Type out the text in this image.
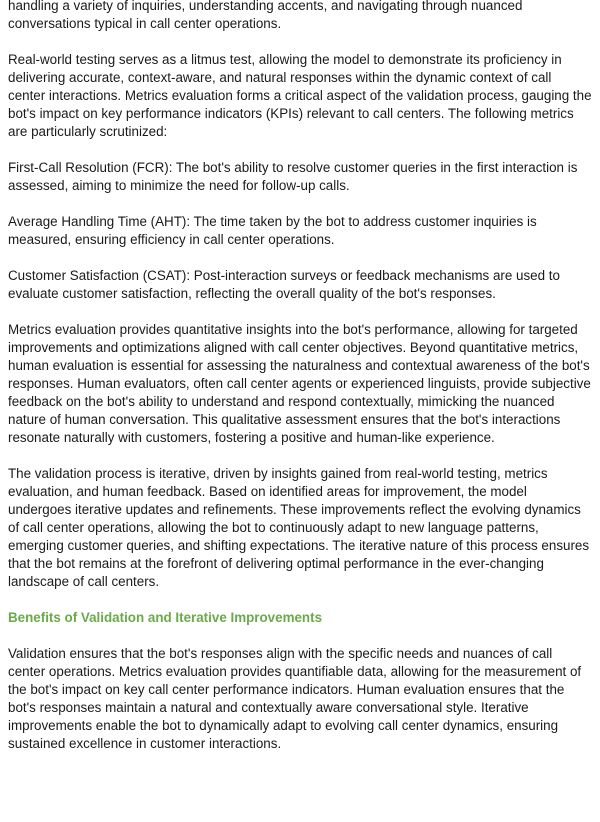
handling a variety of inquiries, understanding accents, and navigating through nuanced conversations typical in call center operations.

Real-world testing serves as a litmus test, allowing the model to demonstrate its proficiency in delivering accurate, context-aware, and natural responses within the dynamic context of call center interactions. Metrics evaluation forms a critical aspect of the validation process, gauging the bot's impact on key performance indicators (KPIs) relevant to call centers. The following metrics are particularly scrutinized:

First-Call Resolution (FCR): The bot's ability to resolve customer queries in the first interaction is assessed, aiming to minimize the need for follow-up calls.

Average Handling Time (AHT): The time taken by the bot to address customer inquiries is measured, ensuring efficiency in call center operations.

Customer Satisfaction (CSAT): Post-interaction surveys or feedback mechanisms are used to evaluate customer satisfaction, reflecting the overall quality of the bot's responses.

Metrics evaluation provides quantitative insights into the bot's performance, allowing for targeted improvements and optimizations aligned with call center objectives. Beyond quantitative metrics, human evaluation is essential for assessing the naturalness and contextual awareness of the bot's responses. Human evaluators, often call center agents or experienced linguists, provide subjective feedback on the bot's ability to understand and respond contextually, mimicking the nuanced nature of human conversation. This qualitative assessment ensures that the bot's interactions resonate naturally with customers, fostering a positive and human-like experience.

The validation process is iterative, driven by insights gained from real-world testing, metrics evaluation, and human feedback. Based on identified areas for improvement, the model undergoes iterative updates and refinements. These improvements reflect the evolving dynamics of call center operations, allowing the bot to continuously adapt to new language patterns, emerging customer queries, and shifting expectations. The iterative nature of this process ensures that the bot remains at the forefront of delivering optimal performance in the ever-changing landscape of call centers.

Benefits of Validation and Iterative Improvements

Validation ensures that the bot's responses align with the specific needs and nuances of call center operations. Metrics evaluation provides quantifiable data, allowing for the measurement of the bot's impact on key call center performance indicators. Human evaluation ensures that the bot's responses maintain a natural and contextually aware conversational style. Iterative improvements enable the bot to dynamically adapt to evolving call center dynamics, ensuring sustained excellence in customer interactions.
